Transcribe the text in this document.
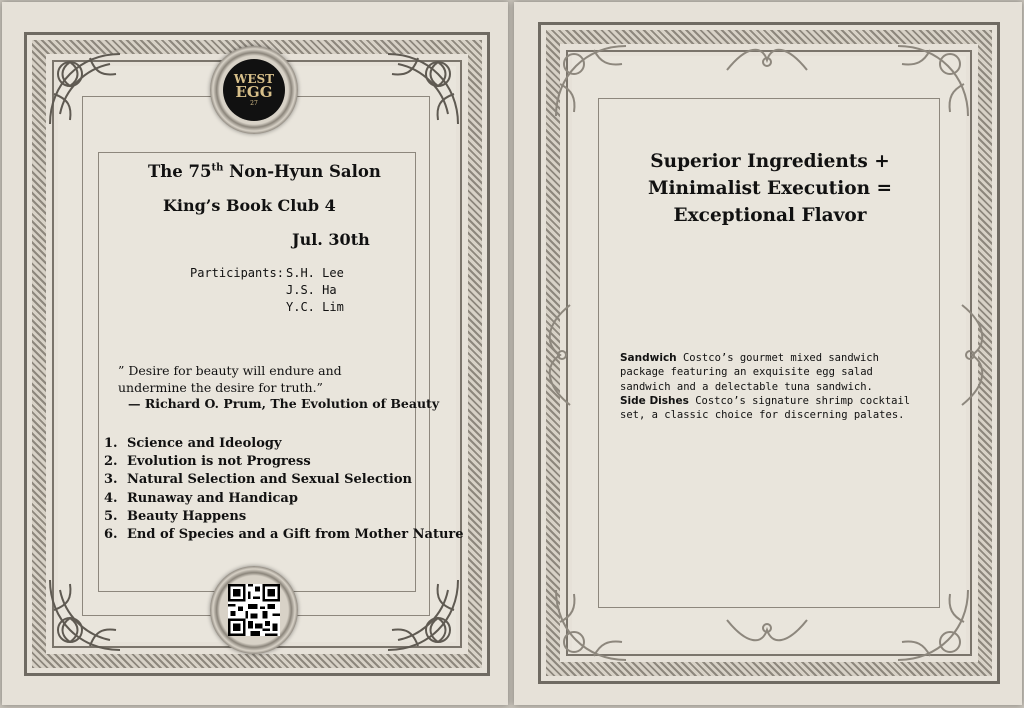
WEST
EGG
27
The 75th Non-Hyun Salon
King’s Book Club 4
Jul. 30th
Participants: S.H. Lee
J.S. Ha
Y.C. Lim
” Desire for beauty will endure and undermine the desire for truth.”
— Richard O. Prum, The Evolution of Beauty
1. Science and Ideology
2. Evolution is not Progress
3. Natural Selection and Sexual Selection
4. Runaway and Handicap
5. Beauty Happens
6. End of Species and a Gift from Mother Nature
Superior Ingredients +
Minimalist Execution =
Exceptional Flavor
Sandwich Costco’s gourmet mixed sandwich package featuring an exquisite egg salad sandwich and a delectable tuna sandwich.
Side Dishes Costco’s signature shrimp cocktail set, a classic choice for discerning palates.
